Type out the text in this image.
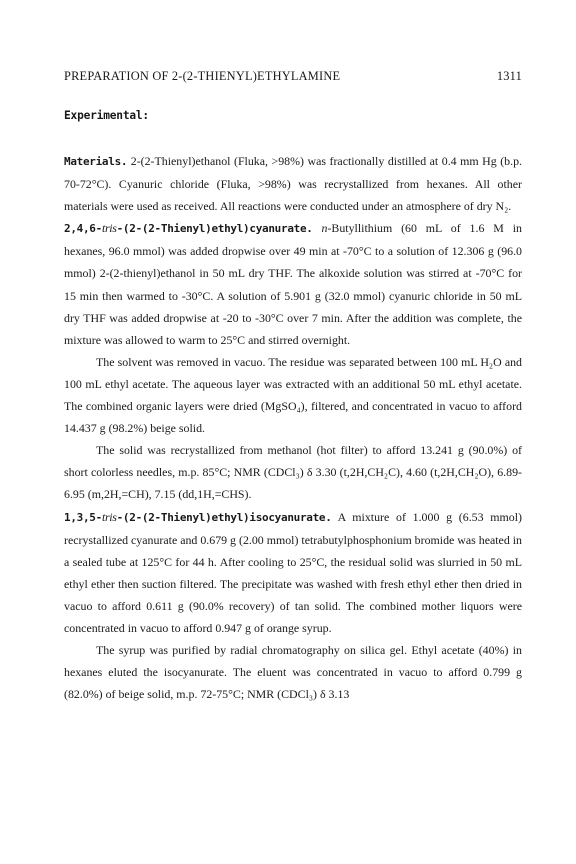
PREPARATION OF 2-(2-THIENYL)ETHYLAMINE	1311
Experimental:

Materials. 2-(2-Thienyl)ethanol (Fluka, >98%) was fractionally distilled at 0.4 mm Hg (b.p. 70-72°C). Cyanuric chloride (Fluka, >98%) was recrystallized from hexanes. All other materials were used as received. All reactions were conducted under an atmosphere of dry N₂.

2,4,6-tris-(2-(2-Thienyl)ethyl)cyanurate. n-Butyllithium (60 mL of 1.6 M in hexanes, 96.0 mmol) was added dropwise over 49 min at -70°C to a solution of 12.306 g (96.0 mmol) 2-(2-thienyl)ethanol in 50 mL dry THF. The alkoxide solution was stirred at -70°C for 15 min then warmed to -30°C. A solution of 5.901 g (32.0 mmol) cyanuric chloride in 50 mL dry THF was added dropwise at -20 to -30°C over 7 min. After the addition was complete, the mixture was allowed to warm to 25°C and stirred overnight.

The solvent was removed in vacuo. The residue was separated between 100 mL H₂O and 100 mL ethyl acetate. The aqueous layer was extracted with an additional 50 mL ethyl acetate. The combined organic layers were dried (MgSO₄), filtered, and concentrated in vacuo to afford 14.437 g (98.2%) beige solid.

The solid was recrystallized from methanol (hot filter) to afford 13.241 g (90.0%) of short colorless needles, m.p. 85°C; NMR (CDCl₃) δ 3.30 (t,2H,CH₂C), 4.60 (t,2H,CH₂O), 6.89-6.95 (m,2H,=CH), 7.15 (dd,1H,=CHS).

1,3,5-tris-(2-(2-Thienyl)ethyl)isocyanurate. A mixture of 1.000 g (6.53 mmol) recrystallized cyanurate and 0.679 g (2.00 mmol) tetrabutylphosphonium bromide was heated in a sealed tube at 125°C for 44 h. After cooling to 25°C, the residual solid was slurried in 50 mL ethyl ether then suction filtered. The precipitate was washed with fresh ethyl ether then dried in vacuo to afford 0.611 g (90.0% recovery) of tan solid. The combined mother liquors were concentrated in vacuo to afford 0.947 g of orange syrup.

The syrup was purified by radial chromatography on silica gel. Ethyl acetate (40%) in hexanes eluted the isocyanurate. The eluent was concentrated in vacuo to afford 0.799 g (82.0%) of beige solid, m.p. 72-75°C; NMR (CDCl₃) δ 3.13
